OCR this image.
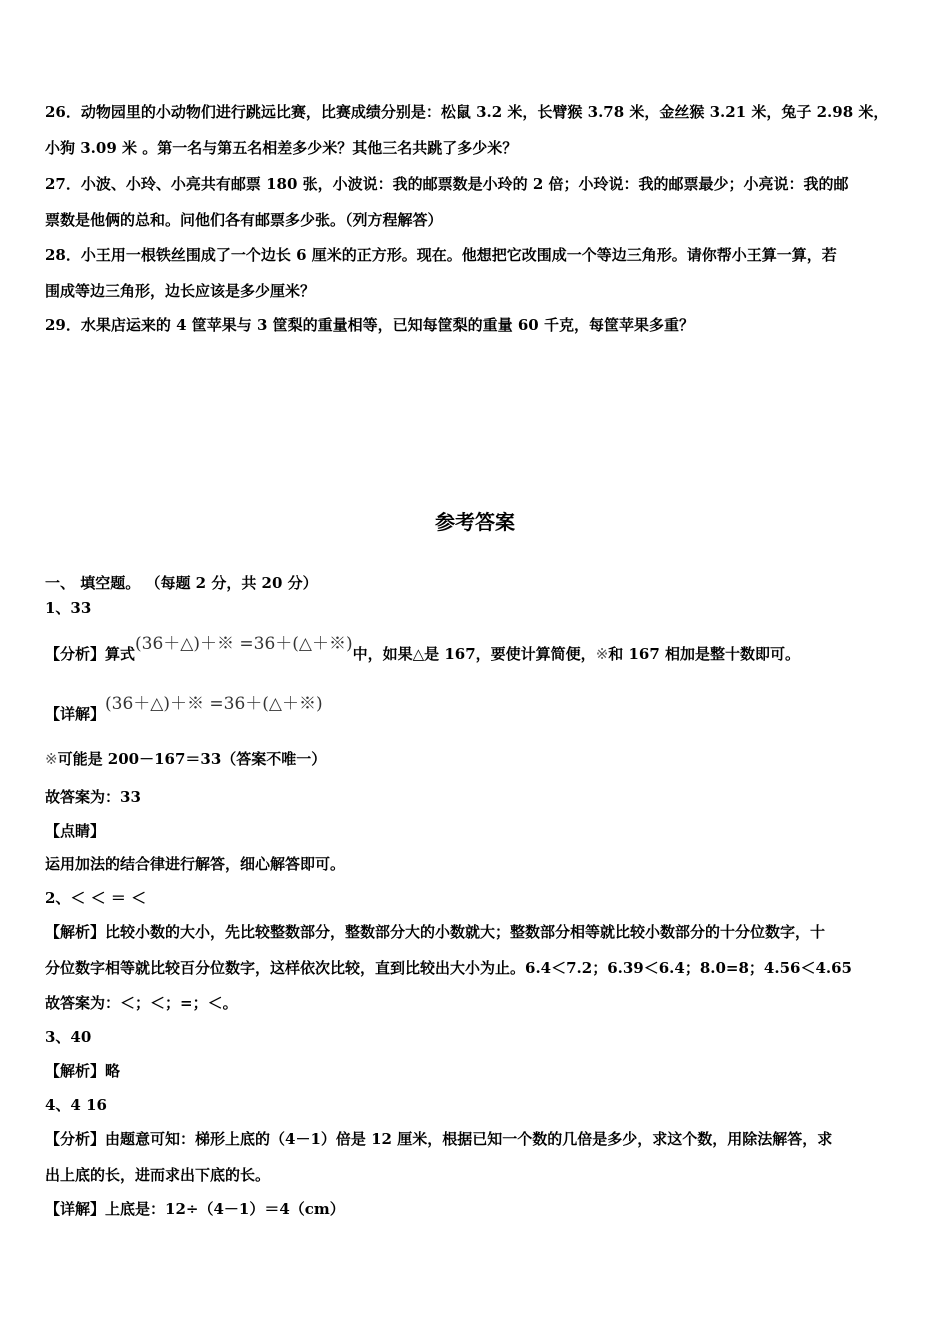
26．动物园里的小动物们进行跳远比赛，比赛成绩分别是：松鼠 3.2 米，长臂猴 3.78 米，金丝猴 3.21 米，兔子 2.98 米，
小狗 3.09 米 。第一名与第五名相差多少米？其他三名共跳了多少米？
27．小波、小玲、小亮共有邮票 180 张，小波说：我的邮票数是小玲的 2 倍；小玲说：我的邮票最少；小亮说：我的邮
票数是他俩的总和。问他们各有邮票多少张。（列方程解答）
28．小王用一根铁丝围成了一个边长 6 厘米的正方形。现在。他想把它改围成一个等边三角形。请你帮小王算一算，若
围成等边三角形，边长应该是多少厘米？
29．水果店运来的 4 筐苹果与 3 筐梨的重量相等，已知每筐梨的重量 60 千克，每筐苹果多重？
参考答案
一、 填空题。 （每题 2 分，共 20 分）
1、33
【分析】算式(36＋△)＋※ =36＋(△＋※)中，如果△是 167，要使计算简便，※和 167 相加是整十数即可。
【详解】(36＋△)＋※ =36＋(△＋※)
※可能是 200－167＝33（答案不唯一）
故答案为：33
【点睛】
运用加法的结合律进行解答，细心解答即可。
2、＜ ＜ ＝ ＜
【解析】比较小数的大小，先比较整数部分，整数部分大的小数就大；整数部分相等就比较小数部分的十分位数字，十
分位数字相等就比较百分位数字，这样依次比较，直到比较出大小为止。6.4＜7.2；6.39＜6.4；8.0=8；4.56＜4.65
故答案为：＜；＜；=；＜。
3、40
【解析】略
4、4 16
【分析】由题意可知：梯形上底的（4－1）倍是 12 厘米，根据已知一个数的几倍是多少，求这个数，用除法解答，求
出上底的长，进而求出下底的长。
【详解】上底是：12÷（4－1）＝4（cm）
